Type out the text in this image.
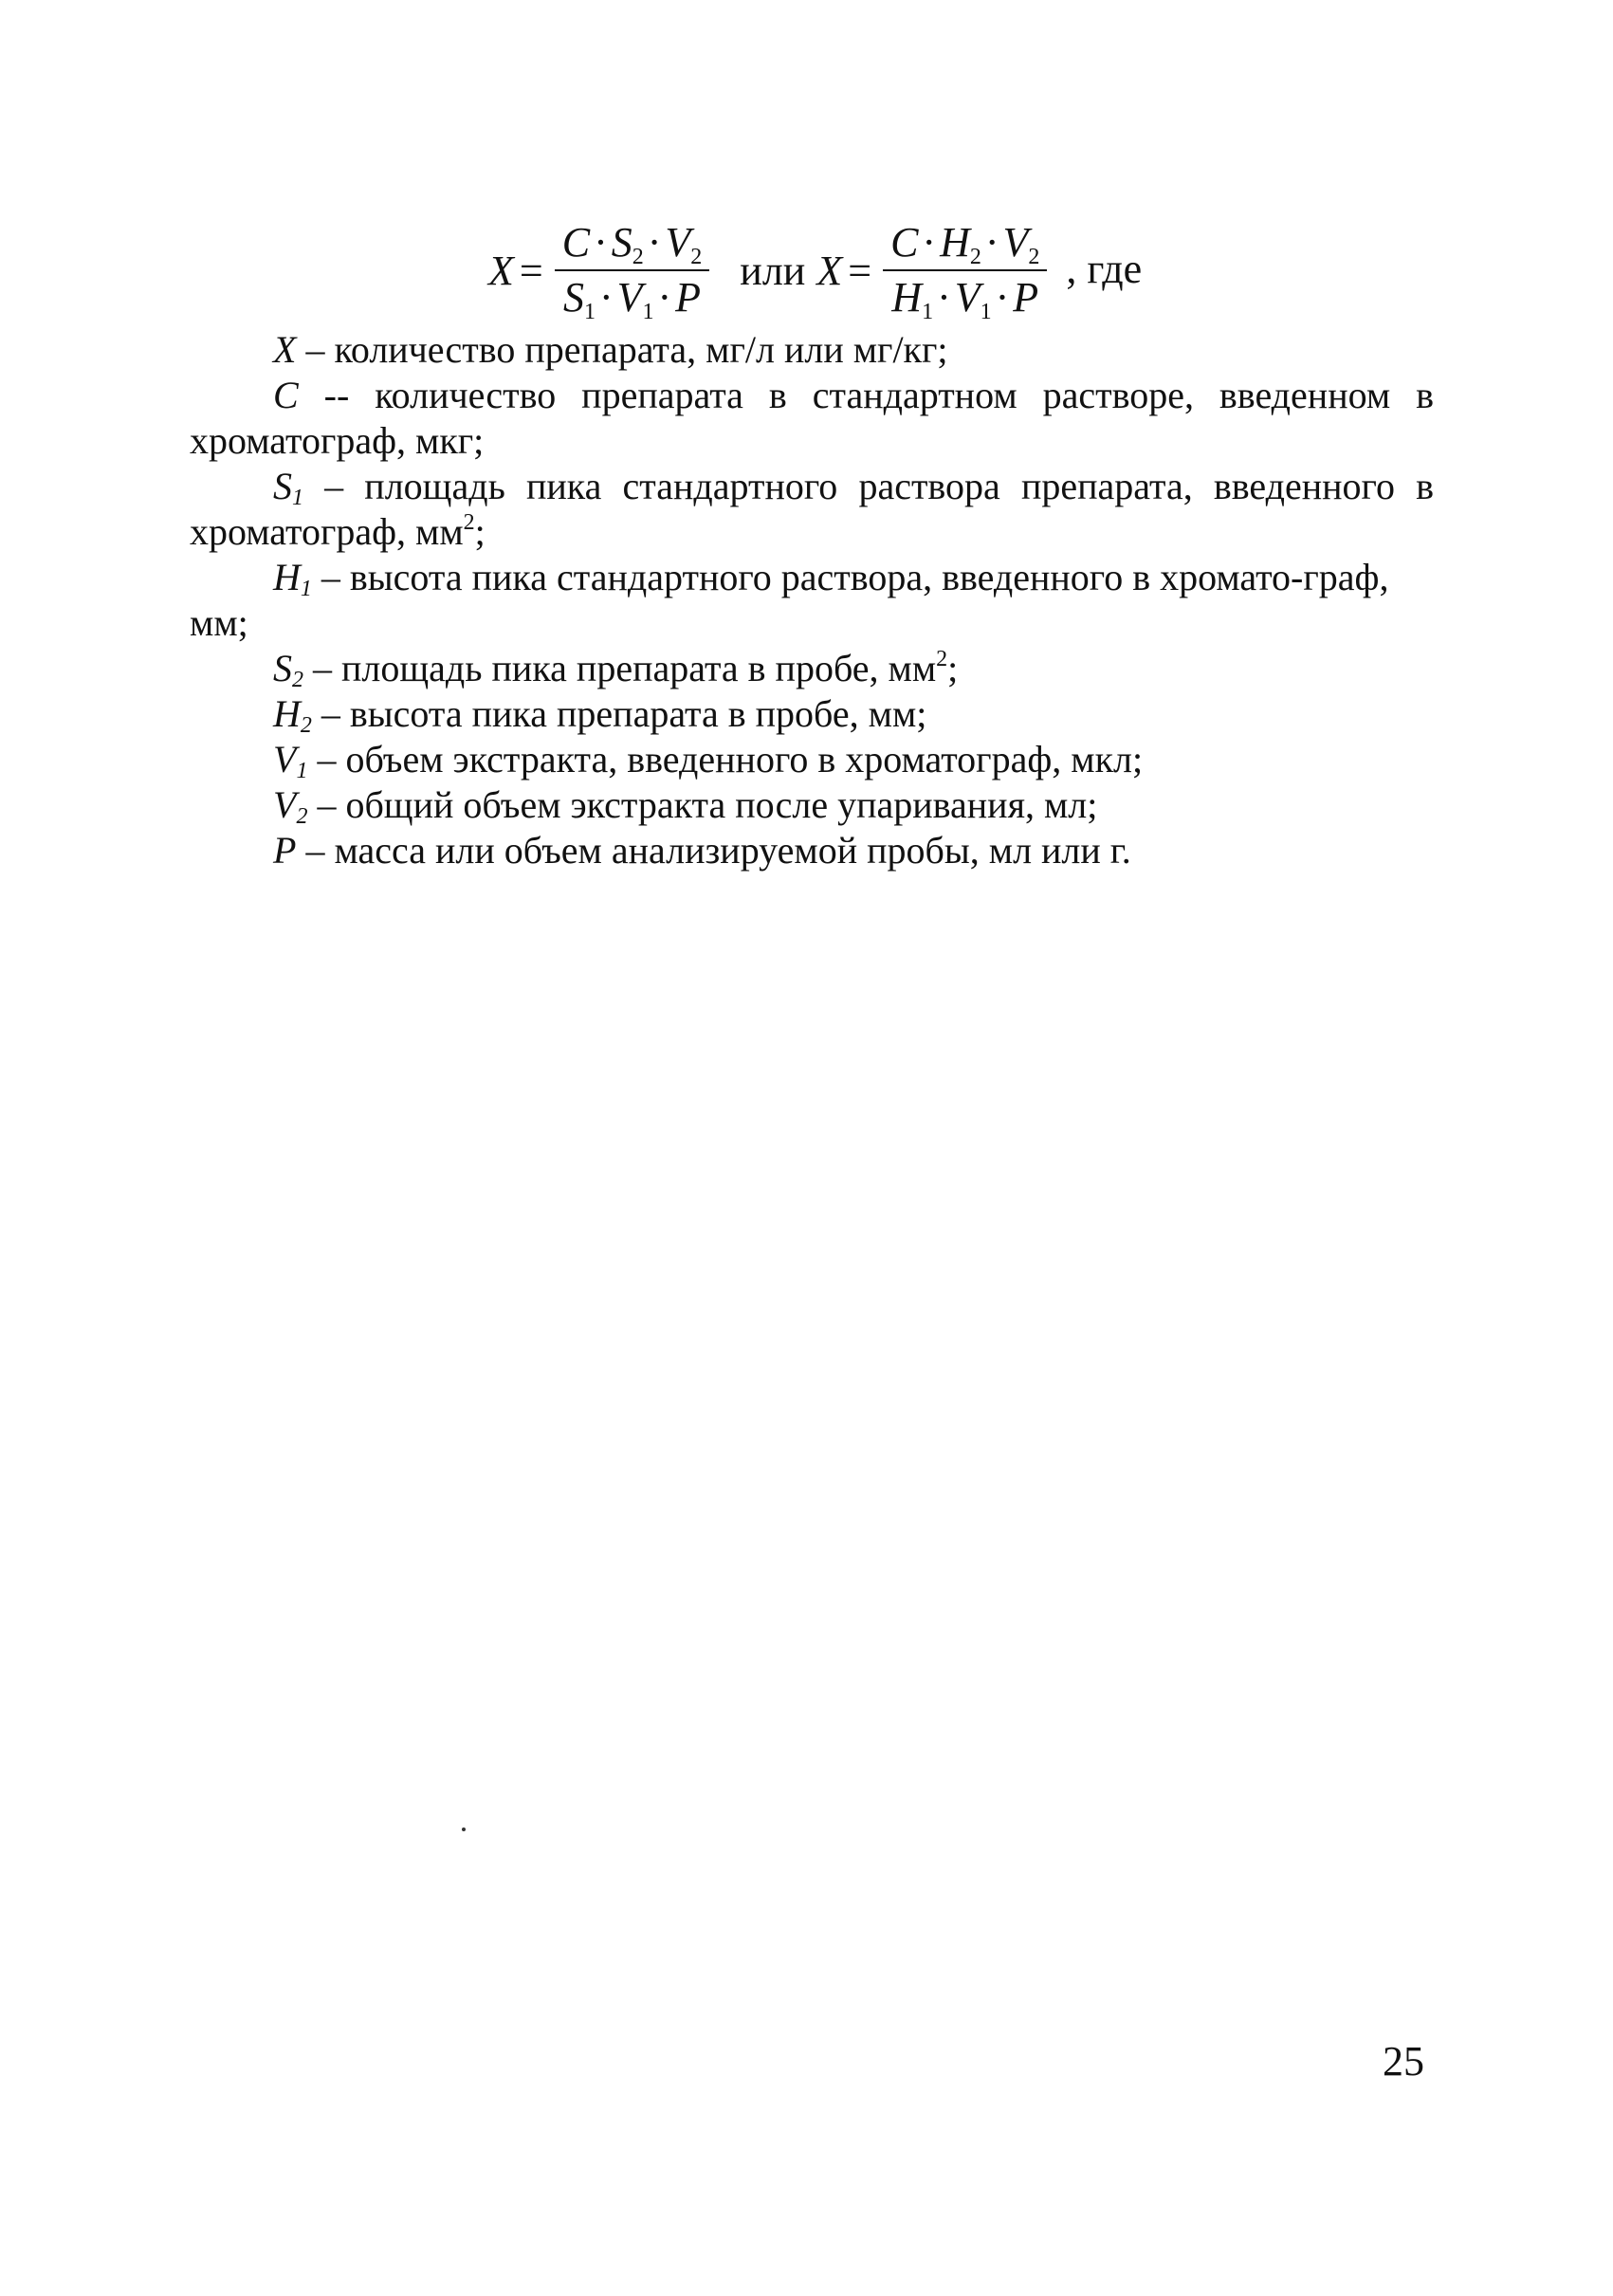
$X = \frac{C\cdot S_2\cdot V_2}{S_1\cdot V_1\cdot P}$ или $X = \frac{C\cdot H_2\cdot V_2}{H_1\cdot V_1\cdot P}$ , где

X – количество препарата, мг/л или мг/кг;

C -- количество препарата в стандартном растворе, введенном в хроматограф, мкг;

$S_1$ – площадь пика стандартного раствора препарата, введенного в хроматограф, $мм^2$;

$H_1$ – высота пика стандартного раствора, введенного в хромато-граф, мм;

$S_2$ – площадь пика препарата в пробе, $мм^2$;

$H_2$ – высота пика препарата в пробе, мм;

$V_1$ – объем экстракта, введенного в хроматограф, мкл;

$V_2$ – общий объем экстракта после упаривания, мл;

P – масса или объем анализируемой пробы, мл или г.

25
